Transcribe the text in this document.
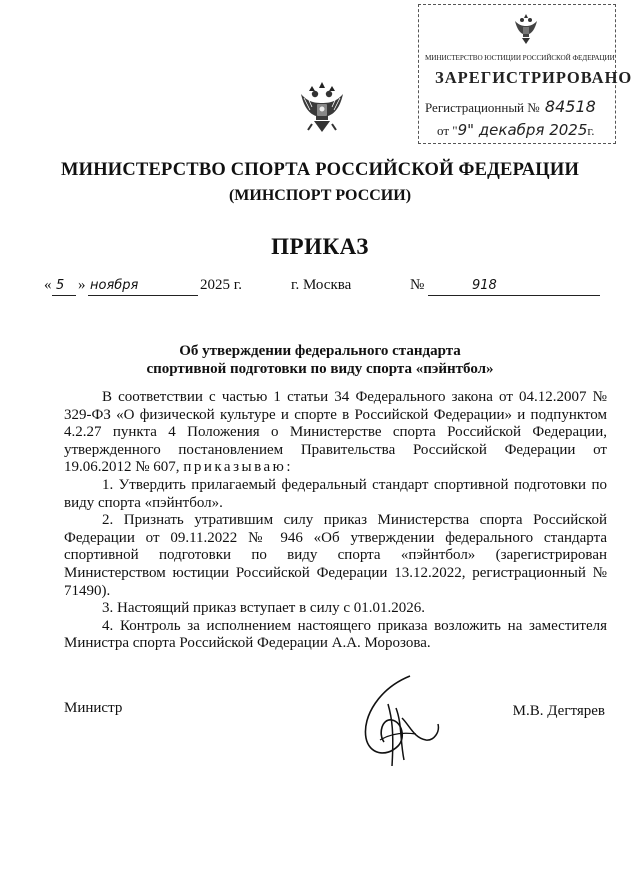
МИНИСТЕРСТВО ЮСТИЦИИ РОССИЙСКОЙ ФЕДЕРАЦИИ
ЗАРЕГИСТРИРОВАНО
Регистрационный № 84518
от "9" декабря 2025г.
МИНИСТЕРСТВО СПОРТА РОССИЙСКОЙ ФЕДЕРАЦИИ
(МИНСПОРТ РОССИИ)
ПРИКАЗ
« 5 » ноября	2025 г.	г. Москва	№	918
Об утверждении федерального стандарта
спортивной подготовки по виду спорта «пэйнтбол»

В соответствии с частью 1 статьи 34 Федерального закона от 04.12.2007 № 329-ФЗ «О физической культуре и спорте в Российской Федерации» и подпунктом 4.2.27 пункта 4 Положения о Министерстве спорта Российской Федерации, утвержденного постановлением Правительства Российской Федерации от 19.06.2012 № 607, приказываю:

1. Утвердить прилагаемый федеральный стандарт спортивной подготовки по виду спорта «пэйнтбол».

2. Признать утратившим силу приказ Министерства спорта Российской Федерации от 09.11.2022 № 946 «Об утверждении федерального стандарта спортивной подготовки по виду спорта «пэйнтбол» (зарегистрирован Министерством юстиции Российской Федерации 13.12.2022, регистрационный № 71490).

3. Настоящий приказ вступает в силу с 01.01.2026.

4. Контроль за исполнением настоящего приказа возложить на заместителя Министра спорта Российской Федерации А.А. Морозова.

Министр	М.В. Дегтярев
